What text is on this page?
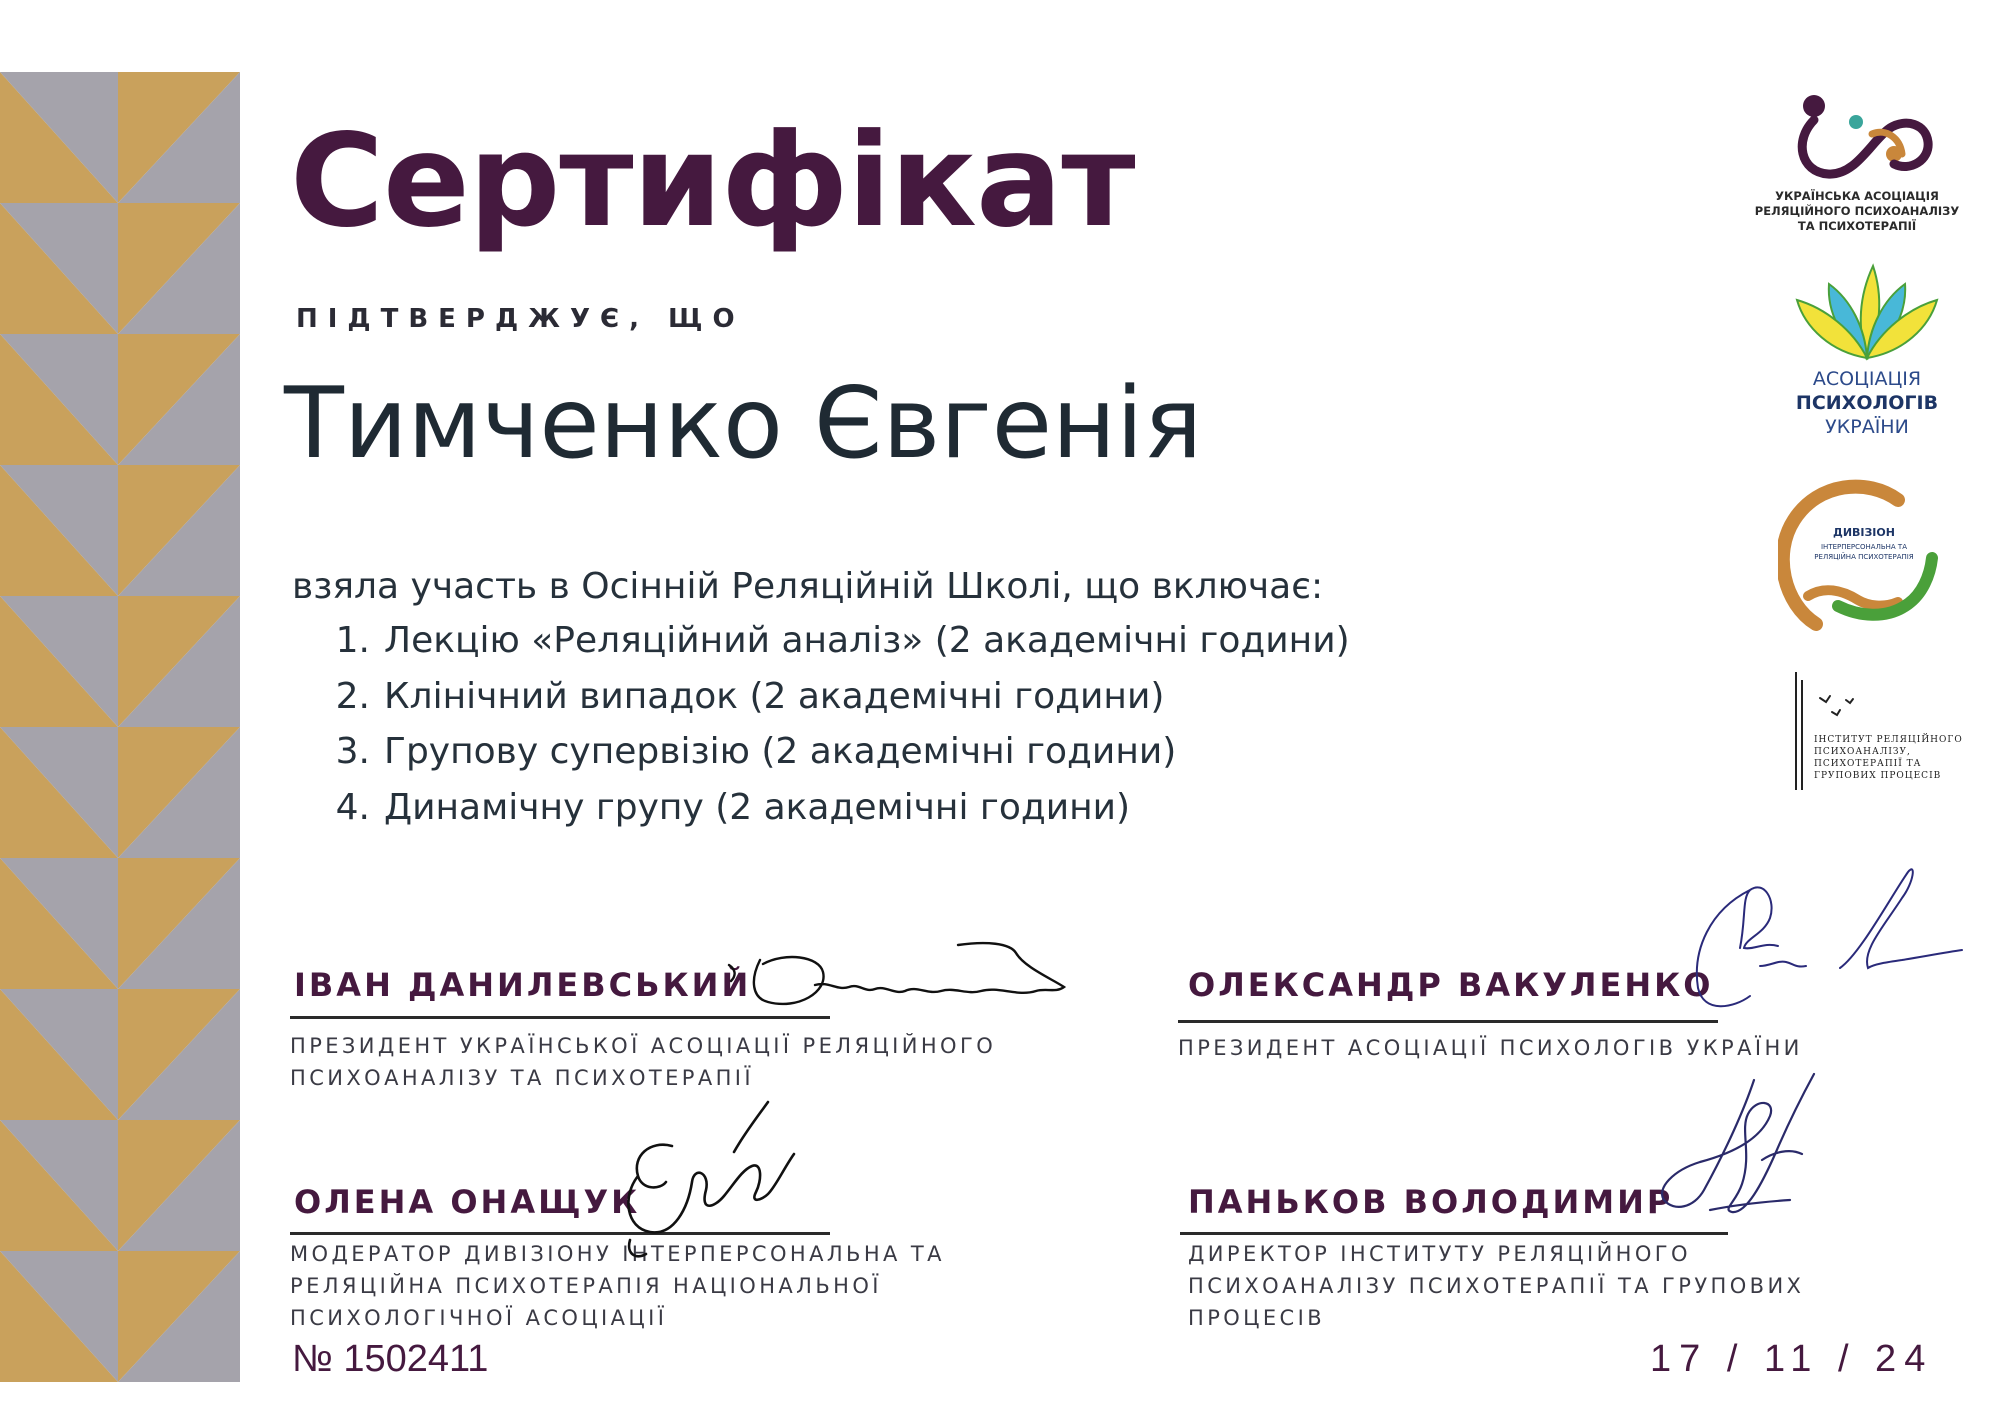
Сертифікат
ПІДТВЕРДЖУЄ, ЩО
Тимченко Євгенія
взяла участь в Осінній Реляційній Школі, що включає:
1. Лекцію «Реляційний аналіз» (2 академічні години)
2. Клінічний випадок (2 академічні години)
3. Групову супервізію (2 академічні години)
4. Динамічну групу (2 академічні години)
ІВАН ДАНИЛЕВСЬКИЙ
ПРЕЗИДЕНТ УКРАЇНСЬКОЇ АСОЦІАЦІЇ РЕЛЯЦІЙНОГО ПСИХОАНАЛІЗУ ТА ПСИХОТЕРАПІЇ
ОЛЕКСАНДР ВАКУЛЕНКО
ПРЕЗИДЕНТ АСОЦІАЦІЇ ПСИХОЛОГІВ УКРАЇНИ
ОЛЕНА ОНАЩУК
МОДЕРАТОР ДИВІЗІОНУ ІНТЕРПЕРСОНАЛЬНА ТА РЕЛЯЦІЙНА ПСИХОТЕРАПІЯ НАЦІОНАЛЬНОЇ ПСИХОЛОГІЧНОЇ АСОЦІАЦІЇ
ПАНЬКОВ ВОЛОДИМИР
ДИРЕКТОР ІНСТИТУТУ РЕЛЯЦІЙНОГО ПСИХОАНАЛІЗУ ПСИХОТЕРАПІЇ ТА ГРУПОВИХ ПРОЦЕСІВ
№ 1502411	17 / 11 / 24
УКРАЇНСЬКА АСОЦІАЦІЯ РЕЛЯЦІЙНОГО ПСИХОАНАЛІЗУ ТА ПСИХОТЕРАПІЇ
АСОЦІАЦІЯ
ПСИХОЛОГІВ
УКРАЇНИ
ДИВІЗІОН
ІНТЕРПЕРСОНАЛЬНА ТА РЕЛЯЦІЙНА ПСИХОТЕРАПІЯ
ІНСТИТУТ РЕЛЯЦІЙНОГО ПСИХОАНАЛІЗУ, ПСИХОТЕРАПІЇ ТА ГРУПОВИХ ПРОЦЕСІВ
